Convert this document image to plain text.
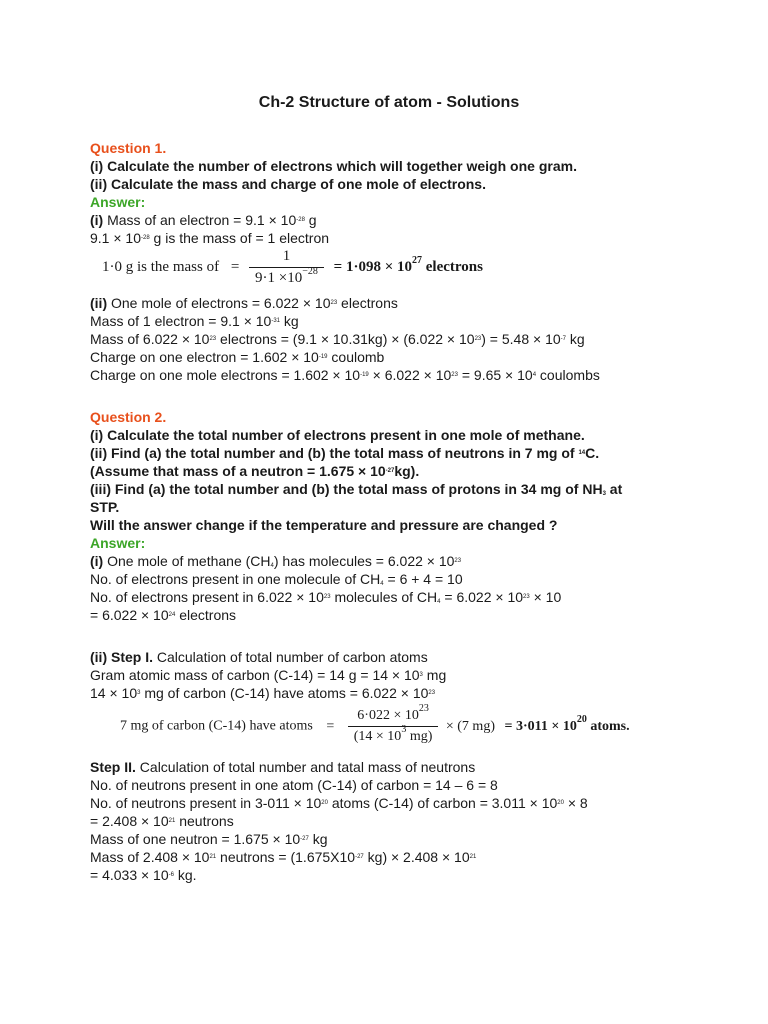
Ch-2 Structure of atom - Solutions
Question 1.
(i) Calculate the number of electrons which will together weigh one gram.
(ii) Calculate the mass and charge of one mole of electrons.
Answer:
(i) Mass of an electron = $9.1 \times 10^{-28}$ g
$9.1 \times 10^{-28}$ g is the mass of = 1 electron
1·0 g is the mass of = $\frac{1}{9\cdot 1 \times 10^{-28}} = 1\cdot 098 \times 10^{27}$ electrons
(ii) One mole of electrons = $6.022 \times 10^{23}$ electrons
Mass of 1 electron = $9.1 \times 10^{-31}$ kg
Mass of $6.022 \times 10^{23}$ electrons = $(9.1 \times 10.31kg) \times (6.022 \times 10^{23}) = 5.48 \times 10^{-7}$ kg
Charge on one electron = $1.602 \times 10^{-19}$ coulomb
Charge on one mole electrons = $1.602 \times 10^{-19} \times 6.022 \times 10^{23} = 9.65 \times 10^4$ coulombs
Question 2.
(i) Calculate the total number of electrons present in one mole of methane.
(ii) Find (a) the total number and (b) the total mass of neutrons in 7 mg of $^{14}$C.
(Assume that mass of a neutron = $1.675 \times 10^{-27}kg$).
(iii) Find (a) the total number and (b) the total mass of protons in 34 mg of $NH_3$ at
STP.
Will the answer change if the temperature and pressure are changed ?
Answer:
(i) One mole of methane $(CH_4)$ has molecules = $6.022 \times 10^{23}$
No. of electrons present in one molecule of $CH_4 = 6 + 4 = 10$
No. of electrons present in $6.022 \times 10^{23}$ molecules of $CH_4 = 6.022 \times 10^{23} \times 10$
= $6.022 \times 10^{24}$ electrons
(ii) Step I. Calculation of total number of carbon atoms
Gram atomic mass of carbon (C-14) = 14 $g = 14 \times 10^3$ mg
$14 \times 10^3$ mg of carbon (C-14) have atoms = $6.022 \times 10^{23}$
7 mg of carbon (C-14) have atoms = $\frac{6\cdot 022 \times 10^{23}}{(14 \times 10^3 mg)} \times (7$ $mg) = 3\cdot 011 \times 10^{20}$ atoms.
Step II. Calculation of total number and tatal mass of neutrons
No. of neutrons present in one atom (C-14) of carbon = 14 – 6 = 8
No. of neutrons present in $3-011 \times 10^{20}$ atoms (C-14) of carbon = $3.011 \times 10^{20} \times 8$
= $2.408 \times 10^{21}$ neutrons
Mass of one neutron = $1.675 \times 10^{-27}$ kg
Mass of $2.408 \times 10^{21}$ neutrons = ($1.675X10^{-27}$ $kg) \times 2.408 \times 10^{21}$
= $4.033 \times 10^{-6}$ kg.
